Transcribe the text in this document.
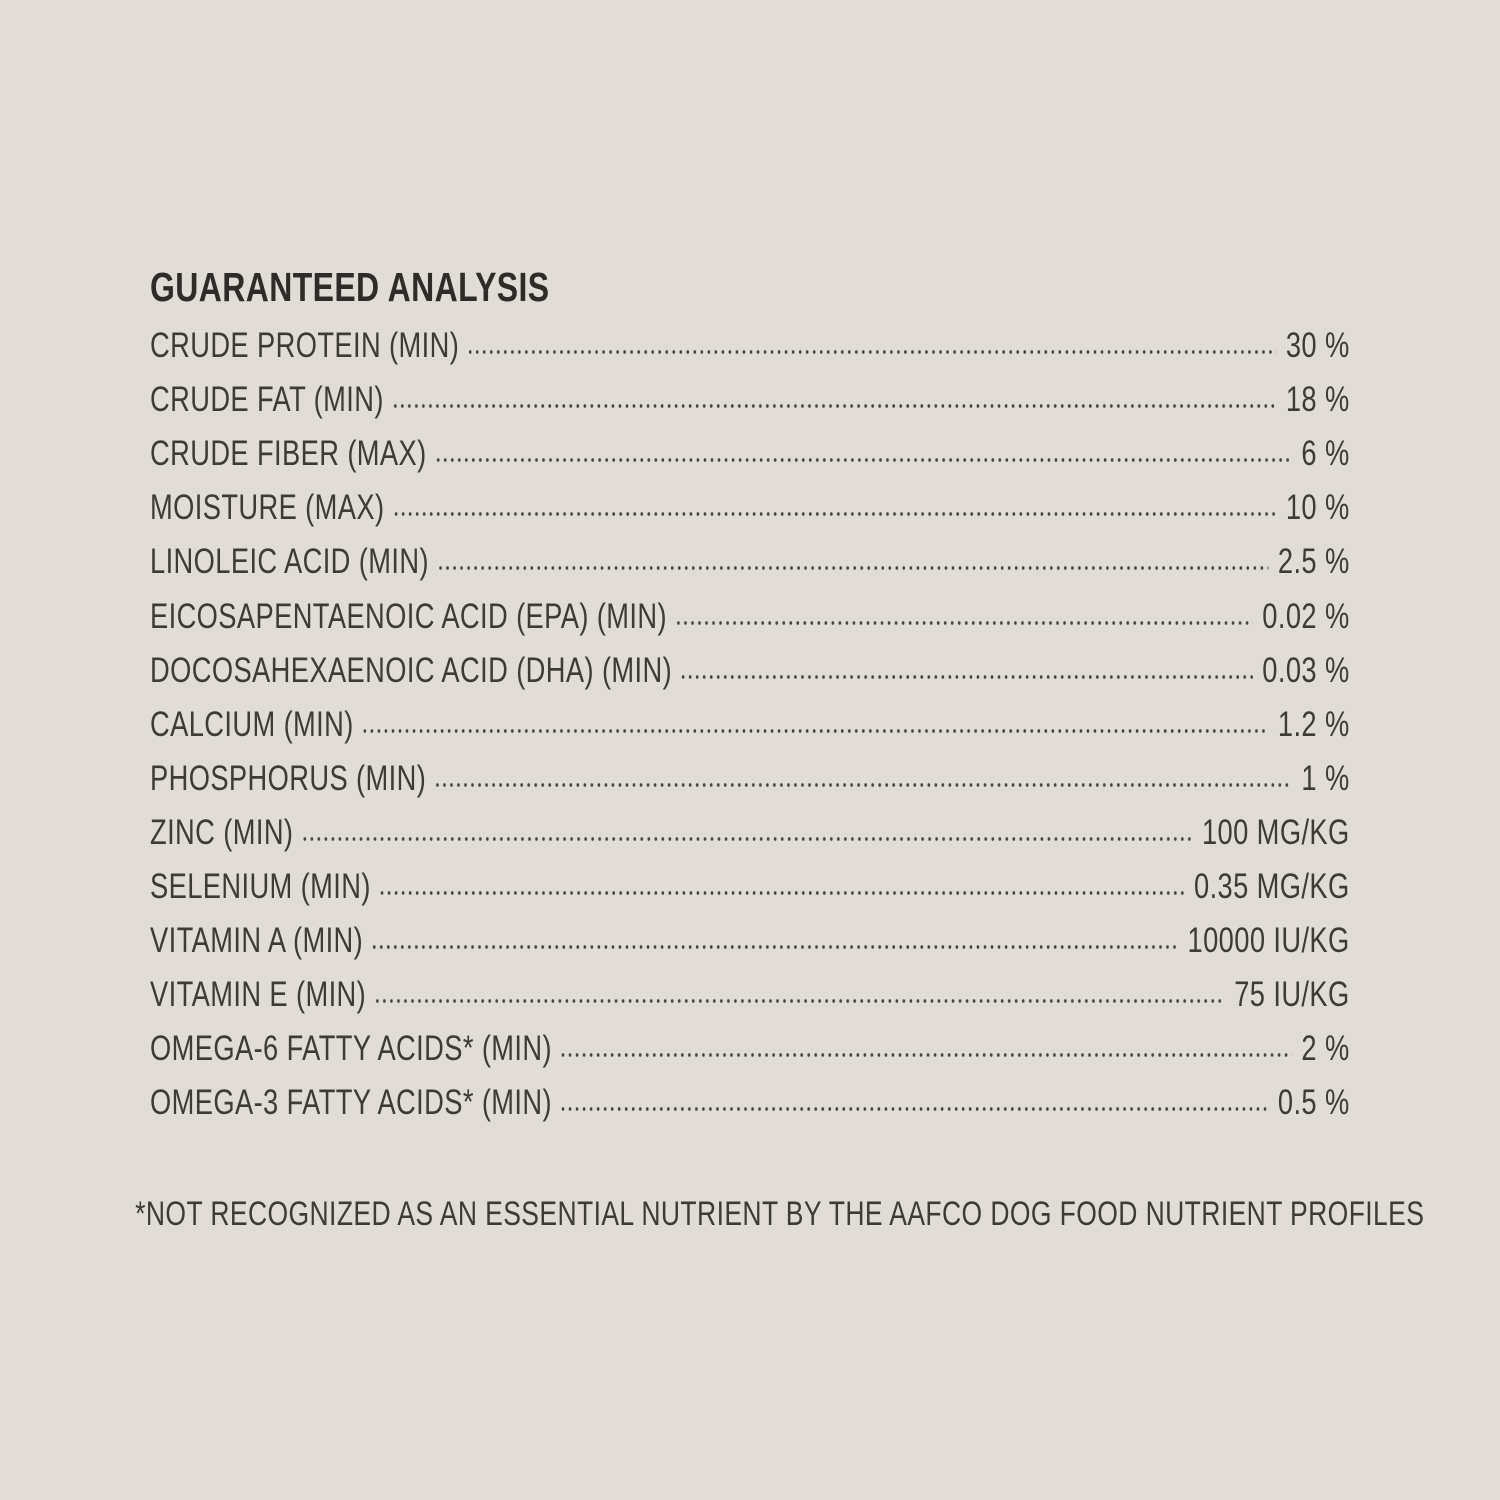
GUARANTEED ANALYSIS
CRUDE PROTEIN (MIN)	30 %
CRUDE FAT (MIN)	18 %
CRUDE FIBER (MAX)	6 %
MOISTURE (MAX)	10 %
LINOLEIC ACID (MIN)	2.5 %
EICOSAPENTAENOIC ACID (EPA) (MIN)	0.02 %
DOCOSAHEXAENOIC ACID (DHA) (MIN)	0.03 %
CALCIUM (MIN)	1.2 %
PHOSPHORUS (MIN)	1 %
ZINC (MIN)	100 MG/KG
SELENIUM (MIN)	0.35 MG/KG
VITAMIN A (MIN)	10000 IU/KG
VITAMIN E (MIN)	75 IU/KG
OMEGA-6 FATTY ACIDS* (MIN)	2 %
OMEGA-3 FATTY ACIDS* (MIN)	0.5 %

*NOT RECOGNIZED AS AN ESSENTIAL NUTRIENT BY THE AAFCO DOG FOOD NUTRIENT PROFILES
